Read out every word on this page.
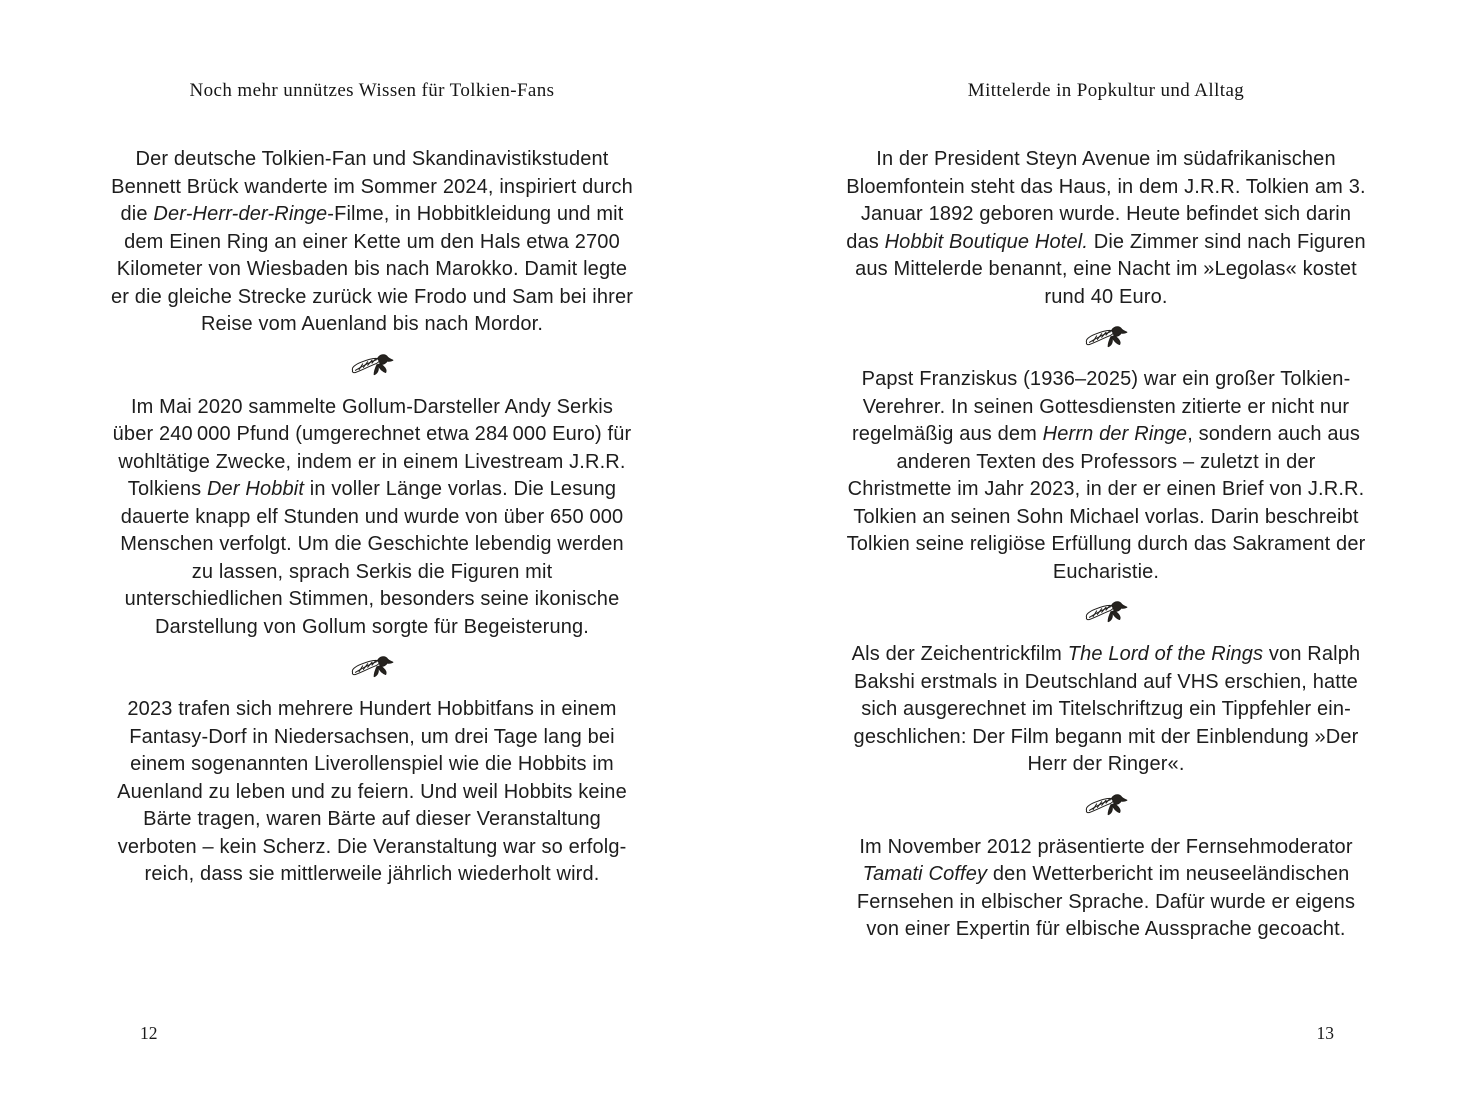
Noch mehr unnützes Wissen für Tolkien-Fans

Der deutsche Tolkien-Fan und Skandinavistikstudent Bennett Brück wanderte im Sommer 2024, inspiriert durch die Der-Herr-der-Ringe-Filme, in Hobbitkleidung und mit dem Einen Ring an einer Kette um den Hals etwa 2700 Kilometer von Wiesbaden bis nach Marokko. Damit legte er die gleiche Strecke zurück wie Frodo und Sam bei ihrer Reise vom Auenland bis nach Mordor.

Im Mai 2020 sammelte Gollum-Darsteller Andy Serkis über 240 000 Pfund (umgerechnet etwa 284 000 Euro) für wohltätige Zwecke, indem er in einem Livestream J.R.R. Tolkiens Der Hobbit in voller Länge vorlas. Die Lesung dauerte knapp elf Stunden und wurde von über 650 000 Menschen verfolgt. Um die Geschichte lebendig werden zu lassen, sprach Serkis die Figuren mit unterschiedlichen Stimmen, besonders seine ikonische Darstellung von Gollum sorgte für Begeisterung.

2023 trafen sich mehrere Hundert Hobbitfans in einem Fantasy-Dorf in Niedersachsen, um drei Tage lang bei einem sogenannten Liverollenspiel wie die Hobbits im Auenland zu leben und zu feiern. Und weil Hobbits keine Bärte tragen, waren Bärte auf dieser Veranstaltung verboten – kein Scherz. Die Veranstaltung war so erfolgreich, dass sie mittlerweile jährlich wiederholt wird.

12
Mittelerde in Popkultur und Alltag

In der President Steyn Avenue im südafrikanischen Bloemfontein steht das Haus, in dem J.R.R. Tolkien am 3. Januar 1892 geboren wurde. Heute befindet sich darin das Hobbit Boutique Hotel. Die Zimmer sind nach Figuren aus Mittelerde benannt, eine Nacht im »Legolas« kostet rund 40 Euro.

Papst Franziskus (1936–2025) war ein großer Tolkien-Verehrer. In seinen Gottesdiensten zitierte er nicht nur regelmäßig aus dem Herrn der Ringe, sondern auch aus anderen Texten des Professors – zuletzt in der Christmette im Jahr 2023, in der er einen Brief von J.R.R. Tolkien an seinen Sohn Michael vorlas. Darin beschreibt Tolkien seine religiöse Erfüllung durch das Sakrament der Eucharistie.

Als der Zeichentrickfilm The Lord of the Rings von Ralph Bakshi erstmals in Deutschland auf VHS erschien, hatte sich ausgerechnet im Titelschriftzug ein Tippfehler eingeschlichen: Der Film begann mit der Einblendung »Der Herr der Ringer«.

Im November 2012 präsentierte der Fernsehmoderator Tamati Coffey den Wetterbericht im neuseeländischen Fernsehen in elbischer Sprache. Dafür wurde er eigens von einer Expertin für elbische Aussprache gecoacht.

13
